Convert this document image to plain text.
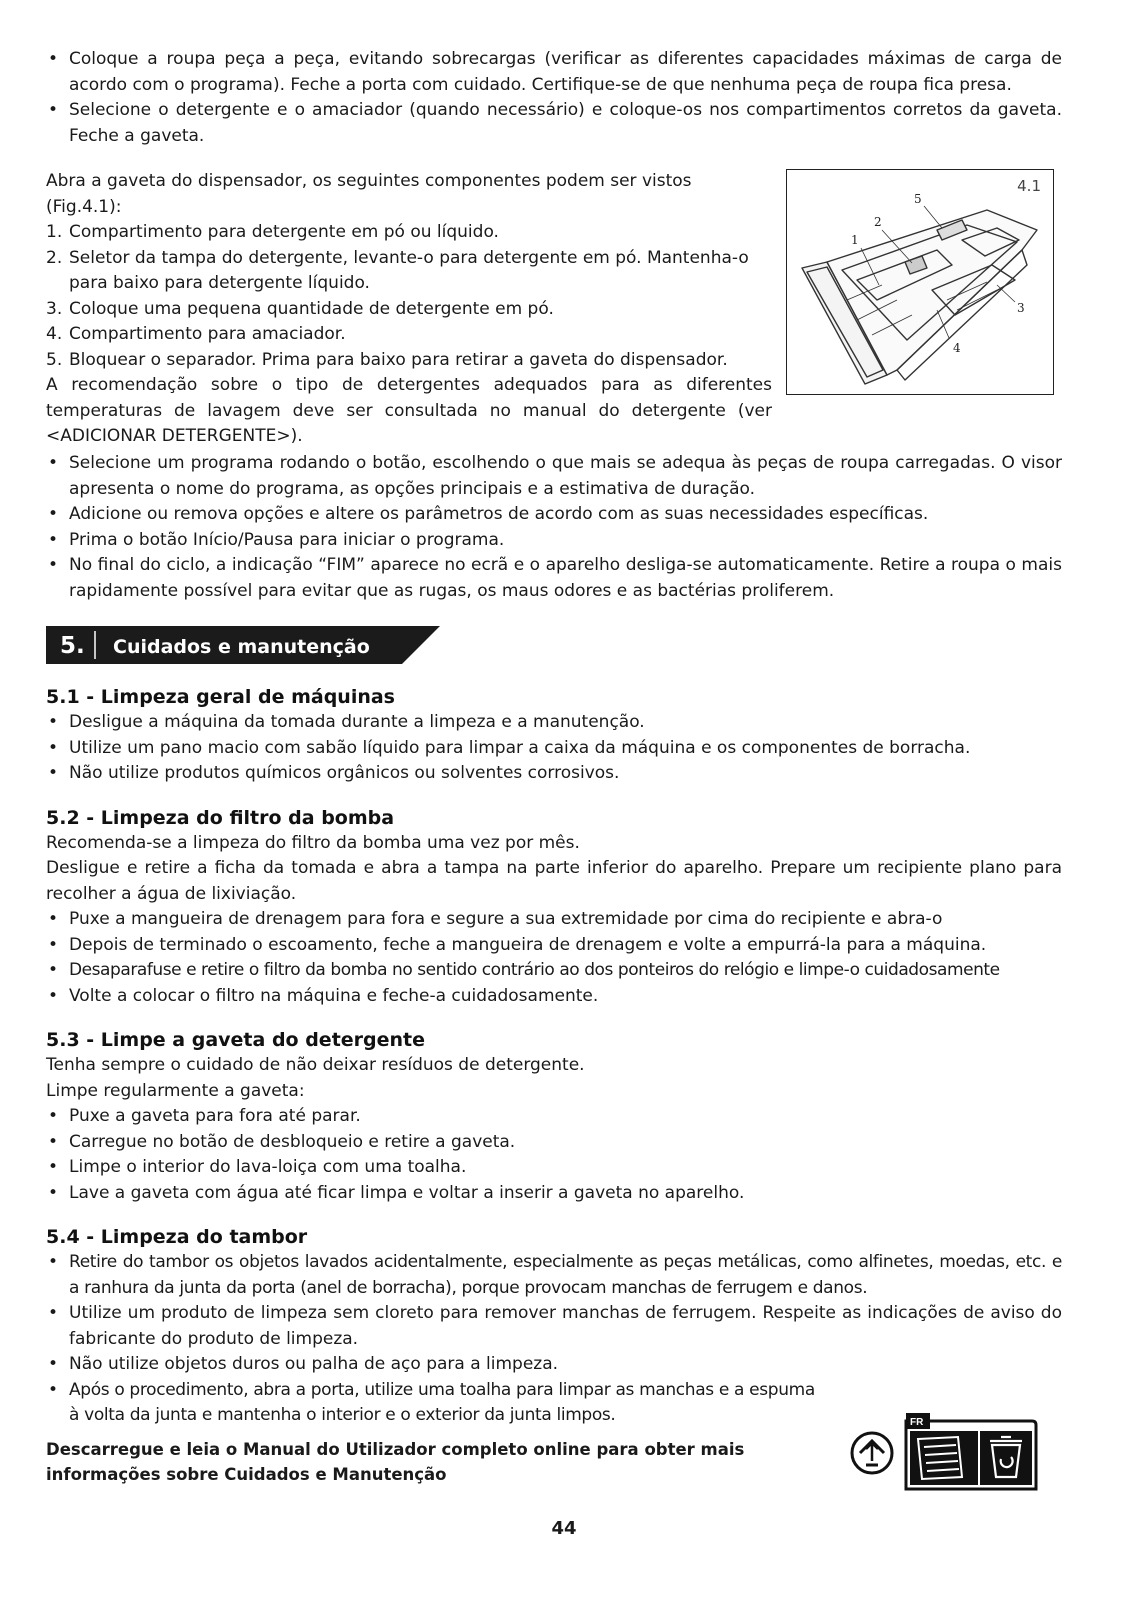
• Coloque a roupa peça a peça, evitando sobrecargas (verificar as diferentes capacidades máximas de carga de acordo com o programa). Feche a porta com cuidado. Certifique-se de que nenhuma peça de roupa fica presa.
• Selecione o detergente e o amaciador (quando necessário) e coloque-os nos compartimentos corretos da gaveta. Feche a gaveta.

Abra a gaveta do dispensador, os seguintes componentes podem ser vistos (Fig.4.1):

1. Compartimento para detergente em pó ou líquido.
2. Seletor da tampa do detergente, levante-o para detergente em pó. Mantenha-o para baixo para detergente líquido.
3. Coloque uma pequena quantidade de detergente em pó.
4. Compartimento para amaciador.
5. Bloquear o separador. Prima para baixo para retirar a gaveta do dispensador.

A recomendação sobre o tipo de detergentes adequados para as diferentes temperaturas de lavagem deve ser consultada no manual do detergente (ver <ADICIONAR DETERGENTE>).

4.1
1
2
3
4
5
• Selecione um programa rodando o botão, escolhendo o que mais se adequa às peças de roupa carregadas. O visor apresenta o nome do programa, as opções principais e a estimativa de duração.
• Adicione ou remova opções e altere os parâmetros de acordo com as suas necessidades específicas.
• Prima o botão Início/Pausa para iniciar o programa.
• No final do ciclo, a indicação “FIM” aparece no ecrã e o aparelho desliga-se automaticamente. Retire a roupa o mais rapidamente possível para evitar que as rugas, os maus odores e as bactérias proliferem.
5. Cuidados e manutenção
5.1 - Limpeza geral de máquinas
• Desligue a máquina da tomada durante a limpeza e a manutenção.
• Utilize um pano macio com sabão líquido para limpar a caixa da máquina e os componentes de borracha.
• Não utilize produtos químicos orgânicos ou solventes corrosivos.
5.2 - Limpeza do filtro da bomba

Recomenda-se a limpeza do filtro da bomba uma vez por mês.

Desligue e retire a ficha da tomada e abra a tampa na parte inferior do aparelho. Prepare um recipiente plano para recolher a água de lixiviação.

• Puxe a mangueira de drenagem para fora e segure a sua extremidade por cima do recipiente e abra-o
• Depois de terminado o escoamento, feche a mangueira de drenagem e volte a empurrá-la para a máquina.
• Desaparafuse e retire o filtro da bomba no sentido contrário ao dos ponteiros do relógio e limpe-o cuidadosamente
• Volte a colocar o filtro na máquina e feche-a cuidadosamente.
5.3 - Limpe a gaveta do detergente

Tenha sempre o cuidado de não deixar resíduos de detergente.

Limpe regularmente a gaveta:

• Puxe a gaveta para fora até parar.
• Carregue no botão de desbloqueio e retire a gaveta.
• Limpe o interior do lava-loiça com uma toalha.
• Lave a gaveta com água até ficar limpa e voltar a inserir a gaveta no aparelho.
5.4 - Limpeza do tambor
• Retire do tambor os objetos lavados acidentalmente, especialmente as peças metálicas, como alfinetes, moedas, etc. e a ranhura da junta da porta (anel de borracha), porque provocam manchas de ferrugem e danos.
• Utilize um produto de limpeza sem cloreto para remover manchas de ferrugem. Respeite as indicações de aviso do fabricante do produto de limpeza.
• Não utilize objetos duros ou palha de aço para a limpeza.
• Após o procedimento, abra a porta, utilize uma toalha para limpar as manchas e a espuma à volta da junta e mantenha o interior e o exterior da junta limpos.

Descarregue e leia o Manual do Utilizador completo online para obter mais informações sobre Cuidados e Manutenção

FR
44
